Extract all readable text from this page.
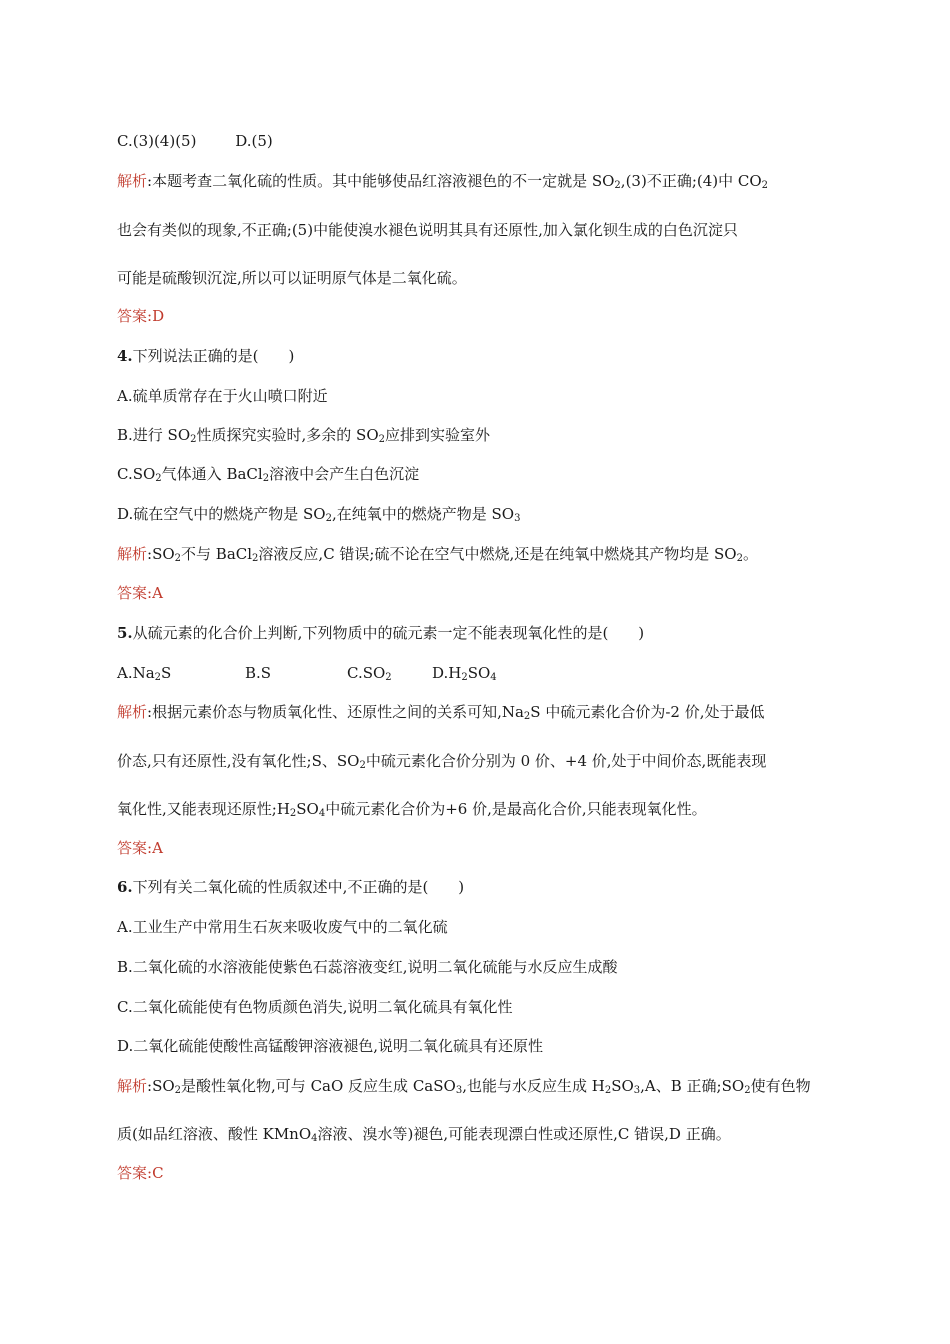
C.(3)(4)(5)	D.(5)
解析:本题考查二氧化硫的性质。其中能够使品红溶液褪色的不一定就是 $SO_2,(3)$不正确;(4)中 $CO_2$
也会有类似的现象,不正确;(5)中能使溴水褪色说明其具有还原性,加入氯化钡生成的白色沉淀只
可能是硫酸钡沉淀,所以可以证明原气体是二氧化硫。
答案:D
4.下列说法正确的是(　　)
A.硫单质常存在于火山喷口附近
B.进行 $SO_2$性质探究实验时,多余的 $SO_2$应排到实验室外
$C.SO_2$气体通入 BaCl$_2$溶液中会产生白色沉淀
D.硫在空气中的燃烧产物是 $SO_2$,在纯氧中的燃烧产物是 $SO_3$
解析$:SO_2$不与 BaCl$_2$溶液反应,C 错误;硫不论在空气中燃烧,还是在纯氧中燃烧其产物均是 $SO_2$。
答案:A
5.从硫元素的化合价上判断,下列物质中的硫元素一定不能表现氧化性的是(　　)
$A.Na_2S$	B.S	$C.SO_2$	$D.H_2SO_4$
解析:根据元素价态与物质氧化性、还原性之间的关系可知$,Na_2S$ 中硫元素化合价为-2 价,处于最低
价态,只有还原性,没有氧化性;S、$SO_2$中硫元素化合价分别为 0 价、+4 价,处于中间价态,既能表现
氧化性,又能表现还原性$;H_2SO_4$中硫元素化合价为+6 价,是最高化合价,只能表现氧化性。
答案:A
6.下列有关二氧化硫的性质叙述中,不正确的是(　　)
A.工业生产中常用生石灰来吸收废气中的二氧化硫
B.二氧化硫的水溶液能使紫色石蕊溶液变红,说明二氧化硫能与水反应生成酸
C.二氧化硫能使有色物质颜色消失,说明二氧化硫具有氧化性
D.二氧化硫能使酸性高锰酸钾溶液褪色,说明二氧化硫具有还原性
解析$:SO_2$是酸性氧化物,可与 CaO 反应生成 CaSO$_3$,也能与水反应生成 $H_2SO_3,A$、B 正确$;SO_2$使有色物
质(如品红溶液、酸性 KMnO$_4$溶液、溴水等)褪色,可能表现漂白性或还原性,C 错误,D 正确。
答案:C
